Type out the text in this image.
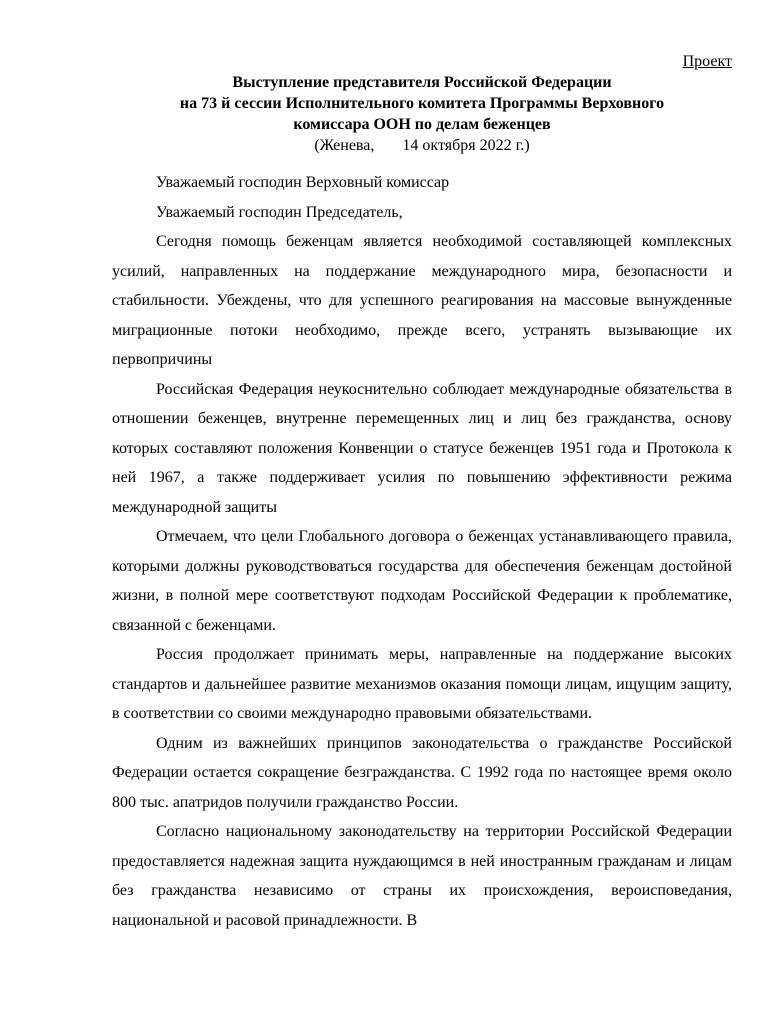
Проект

Выступление представителя Российской Федерации

на 73 й сессии Исполнительного комитета Программы Верховного

комиссара ООН по делам беженцев

(Женева,       14 октября 2022 г.)

Уважаемый господин Верховный комиссар

Уважаемый господин Председатель,

Сегодня помощь беженцам является необходимой составляющей комплексных усилий, направленных на поддержание международного мира, безопасности и стабильности. Убеждены, что для успешного реагирования на массовые вынужденные миграционные потоки необходимо, прежде всего, устранять вызывающие их первопричины

Российская Федерация неукоснительно соблюдает международные обязательства в отношении беженцев, внутренне перемещенных лиц и лиц без гражданства, основу которых составляют положения Конвенции о статусе беженцев 1951 года и Протокола к ней 1967, а также поддерживает усилия по повышению эффективности режима международной защиты

Отмечаем, что цели Глобального договора о беженцах устанавливающего правила, которыми должны руководствоваться государства для обеспечения беженцам достойной жизни, в полной мере соответствуют подходам Российской Федерации к проблематике, связанной с беженцами.

Россия продолжает принимать меры, направленные на поддержание высоких стандартов и дальнейшее развитие механизмов оказания помощи лицам, ищущим защиту, в соответствии со своими международно правовыми обязательствами.

Одним из важнейших принципов законодательства о гражданстве Российской Федерации остается сокращение безгражданства. С 1992 года по настоящее время около 800 тыс. апатридов получили гражданство России.

Согласно национальному законодательству на территории Российской Федерации предоставляется надежная защита нуждающимся в ней иностранным гражданам и лицам без гражданства независимо от страны их происхождения, вероисповедания, национальной и расовой принадлежности. В
